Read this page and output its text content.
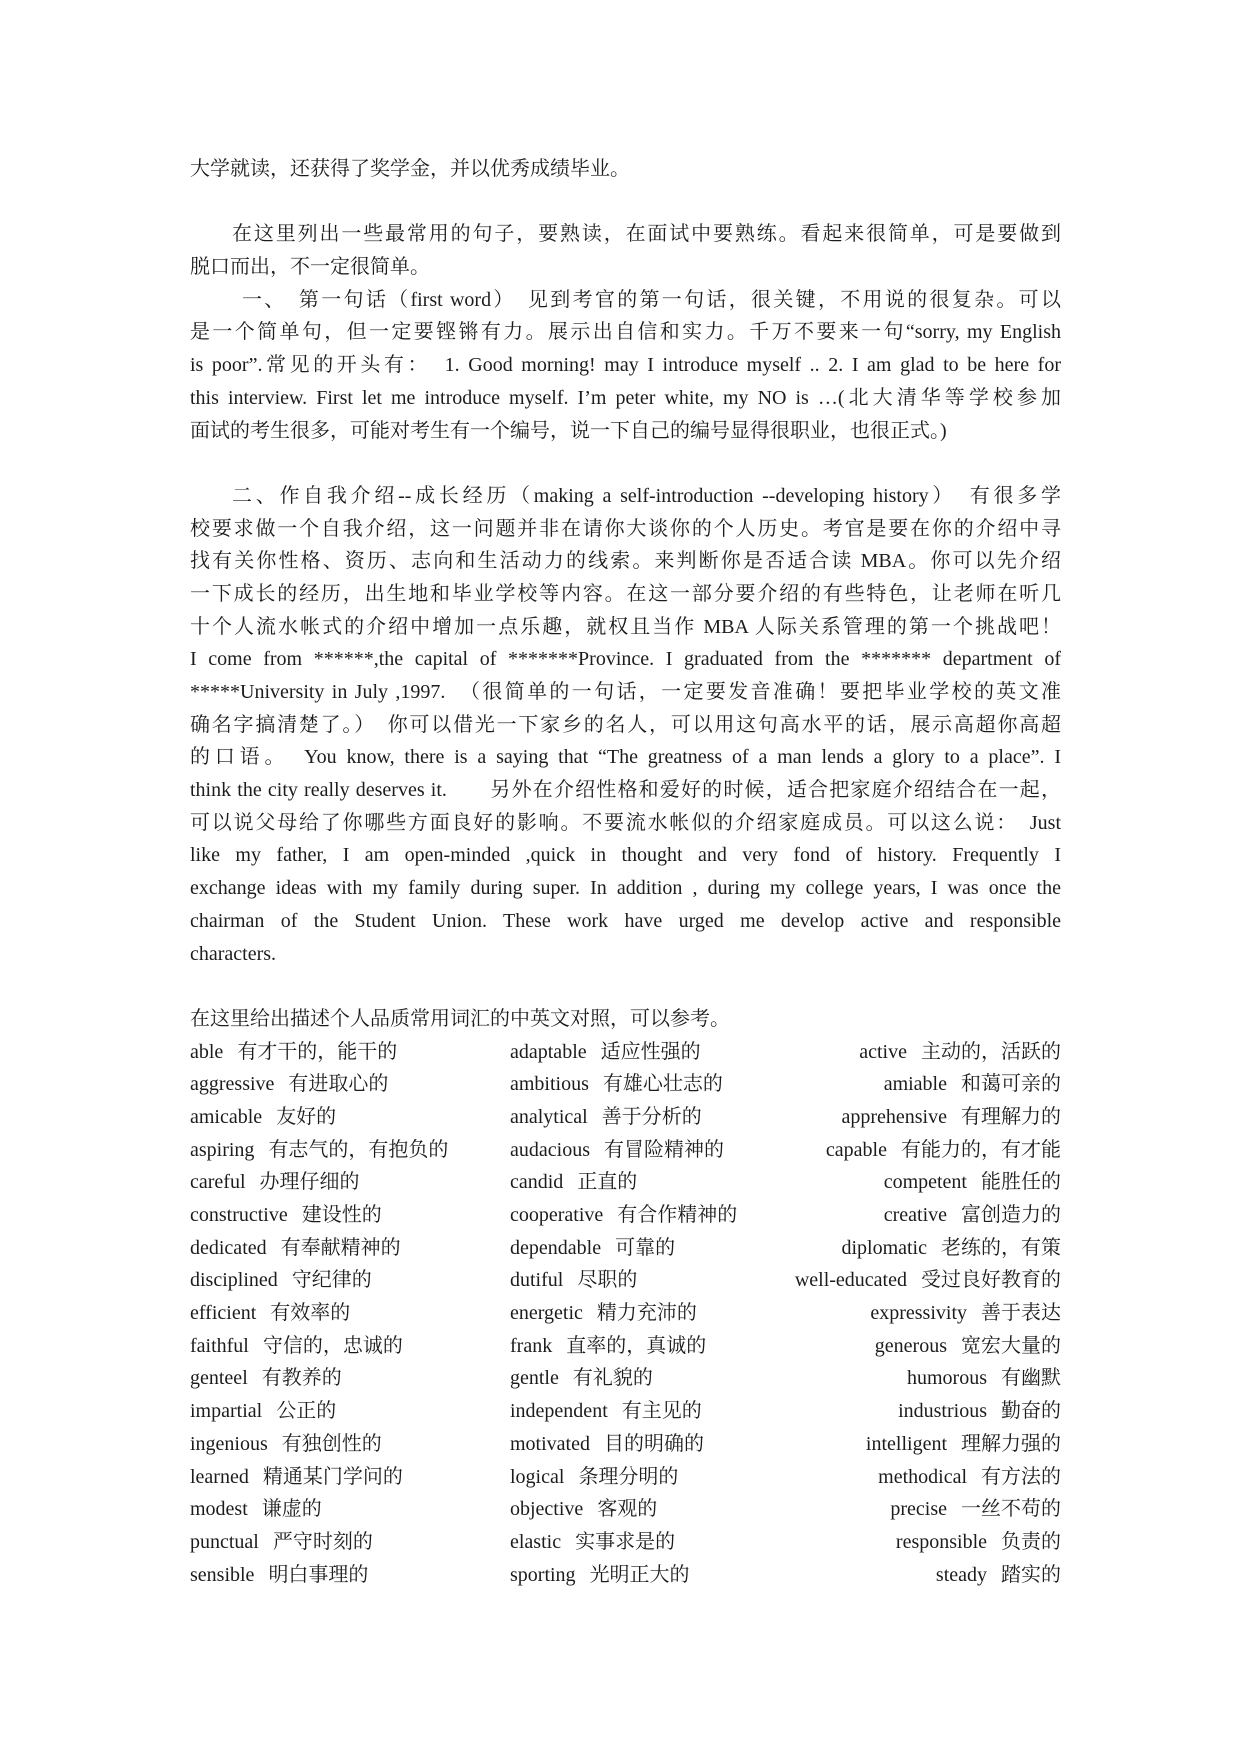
大学就读，还获得了奖学金，并以优秀成绩毕业。
在这里列出一些最常用的句子，要熟读，在面试中要熟练。看起来很简单，可是要做到
脱口而出，不一定很简单。
一、　第一句话（first word）　见到考官的第一句话，很关键，不用说的很复杂。可以
是一个简单句，但一定要铿锵有力。展示出自信和实力。千万不要来一句“sorry, my English
is poor”.常见的开头有：　1. Good morning! may I introduce myself .. 2. I am glad to be here for
this interview. First let me introduce myself. I’m peter white, my NO is …(北大清华等学校参加
面试的考生很多，可能对考生有一个编号，说一下自己的编号显得很职业，也很正式。)
二、作自我介绍--成长经历（making a self-introduction --developing history）　有很多学
校要求做一个自我介绍，这一问题并非在请你大谈你的个人历史。考官是要在你的介绍中寻
找有关你性格、资历、志向和生活动力的线索。来判断你是否适合读 MBA。你可以先介绍
一下成长的经历，出生地和毕业学校等内容。在这一部分要介绍的有些特色，让老师在听几
十个人流水帐式的介绍中增加一点乐趣，就权且当作 MBA 人际关系管理的第一个挑战吧！
I come from ******,the capital of *******Province. I graduated from the ******* department of
*****University in July ,1997.　（很简单的一句话，一定要发音准确！要把毕业学校的英文准
确名字搞清楚了。）　你可以借光一下家乡的名人，可以用这句高水平的话，展示高超你高超
的口语。　You know, there is a saying that “The greatness of a man lends a glory to a place”. I
think the city really deserves it.　　另外在介绍性格和爱好的时候，适合把家庭介绍结合在一起，
可以说父母给了你哪些方面良好的影响。不要流水帐似的介绍家庭成员。可以这么说：　Just
like my father, I am open-minded ,quick in thought and very fond of history. Frequently I
exchange ideas with my family during super. In addition , during my college years, I was once the
chairman of the Student Union. These work have urged me develop active and responsible
characters.
在这里给出描述个人品质常用词汇的中英文对照，可以参考。
able 有才干的，能干的	adaptable 适应性强的	active 主动的，活跃的
aggressive 有进取心的	ambitious 有雄心壮志的	amiable 和蔼可亲的
amicable 友好的	analytical 善于分析的	apprehensive 有理解力的
aspiring 有志气的，有抱负的	audacious 有冒险精神的	capable 有能力的，有才能
careful 办理仔细的	candid 正直的	competent 能胜任的
constructive 建设性的	cooperative 有合作精神的	creative 富创造力的
dedicated 有奉献精神的	dependable 可靠的	diplomatic 老练的，有策
disciplined 守纪律的	dutiful 尽职的	well-educated 受过良好教育的
efficient 有效率的	energetic 精力充沛的	expressivity 善于表达
faithful 守信的，忠诚的	frank 直率的，真诚的	generous 宽宏大量的
genteel 有教养的	gentle 有礼貌的	humorous 有幽默
impartial 公正的	independent 有主见的	industrious 勤奋的
ingenious 有独创性的	motivated 目的明确的	intelligent 理解力强的
learned 精通某门学问的	logical 条理分明的	methodical 有方法的
modest 谦虚的	objective 客观的	precise 一丝不苟的
punctual 严守时刻的	elastic 实事求是的	responsible 负责的
sensible 明白事理的	sporting 光明正大的	steady 踏实的
